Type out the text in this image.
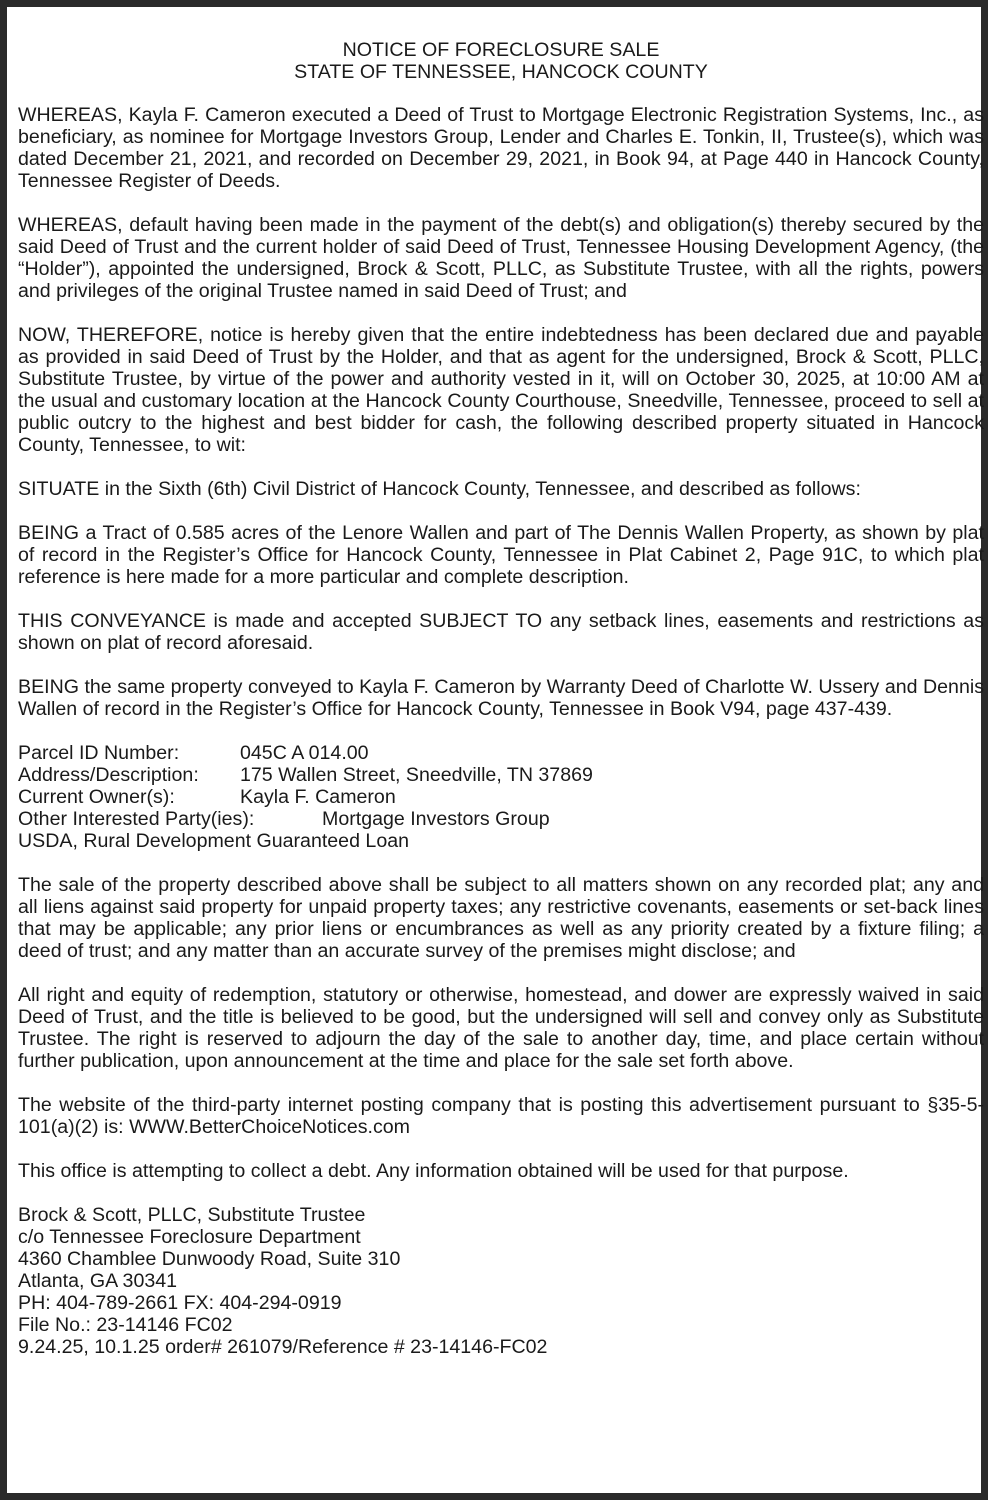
NOTICE OF FORECLOSURE SALE
STATE OF TENNESSEE, HANCOCK COUNTY

WHEREAS, Kayla F. Cameron executed a Deed of Trust to Mortgage Electronic Registration Systems, Inc., as beneficiary, as nominee for Mortgage Investors Group, Lender and Charles E. Tonkin, II, Trustee(s), which was dated December 21, 2021, and recorded on December 29, 2021, in Book 94, at Page 440 in Hancock County, Tennessee Register of Deeds.

WHEREAS, default having been made in the payment of the debt(s) and obligation(s) thereby secured by the said Deed of Trust and the current holder of said Deed of Trust, Tennessee Housing Development Agency, (the “Holder”), appointed the undersigned, Brock & Scott, PLLC, as Substitute Trustee, with all the rights, powers and privileges of the original Trustee named in said Deed of Trust; and

NOW, THEREFORE, notice is hereby given that the entire indebtedness has been declared due and payable as provided in said Deed of Trust by the Holder, and that as agent for the undersigned, Brock & Scott, PLLC, Substitute Trustee, by virtue of the power and authority vested in it, will on October 30, 2025, at 10:00 AM at the usual and customary location at the Hancock County Courthouse, Sneedville, Tennessee, proceed to sell at public outcry to the highest and best bidder for cash, the following described property situated in Hancock County, Tennessee, to wit:

SITUATE in the Sixth (6th) Civil District of Hancock County, Tennessee, and described as follows:

BEING a Tract of 0.585 acres of the Lenore Wallen and part of The Dennis Wallen Property, as shown by plat of record in the Register’s Office for Hancock County, Tennessee in Plat Cabinet 2, Page 91C, to which plat reference is here made for a more particular and complete description.

THIS CONVEYANCE is made and accepted SUBJECT TO any setback lines, easements and restrictions as shown on plat of record aforesaid.

BEING the same property conveyed to Kayla F. Cameron by Warranty Deed of Charlotte W. Ussery and Dennis Wallen of record in the Register’s Office for Hancock County, Tennessee in Book V94, page 437-439.

Parcel ID Number:	045C A 014.00
Address/Description:	175 Wallen Street, Sneedville, TN 37869
Current Owner(s):	Kayla F. Cameron
Other Interested Party(ies):	Mortgage Investors Group
USDA, Rural Development Guaranteed Loan

The sale of the property described above shall be subject to all matters shown on any recorded plat; any and all liens against said property for unpaid property taxes; any restrictive covenants, easements or set-back lines that may be applicable; any prior liens or encumbrances as well as any priority created by a fixture filing; a deed of trust; and any matter than an accurate survey of the premises might disclose; and

All right and equity of redemption, statutory or otherwise, homestead, and dower are expressly waived in said Deed of Trust, and the title is believed to be good, but the undersigned will sell and convey only as Substitute Trustee. The right is reserved to adjourn the day of the sale to another day, time, and place certain without further publication, upon announcement at the time and place for the sale set forth above.

The website of the third-party internet posting company that is posting this advertisement pursuant to §35-5-101(a)(2) is: WWW.BetterChoiceNotices.com

This office is attempting to collect a debt. Any information obtained will be used for that purpose.

Brock & Scott, PLLC, Substitute Trustee
c/o Tennessee Foreclosure Department
4360 Chamblee Dunwoody Road, Suite 310
Atlanta, GA 30341
PH: 404-789-2661 FX: 404-294-0919
File No.: 23-14146 FC02
9.24.25, 10.1.25 order# 261079/Reference # 23-14146-FC02
